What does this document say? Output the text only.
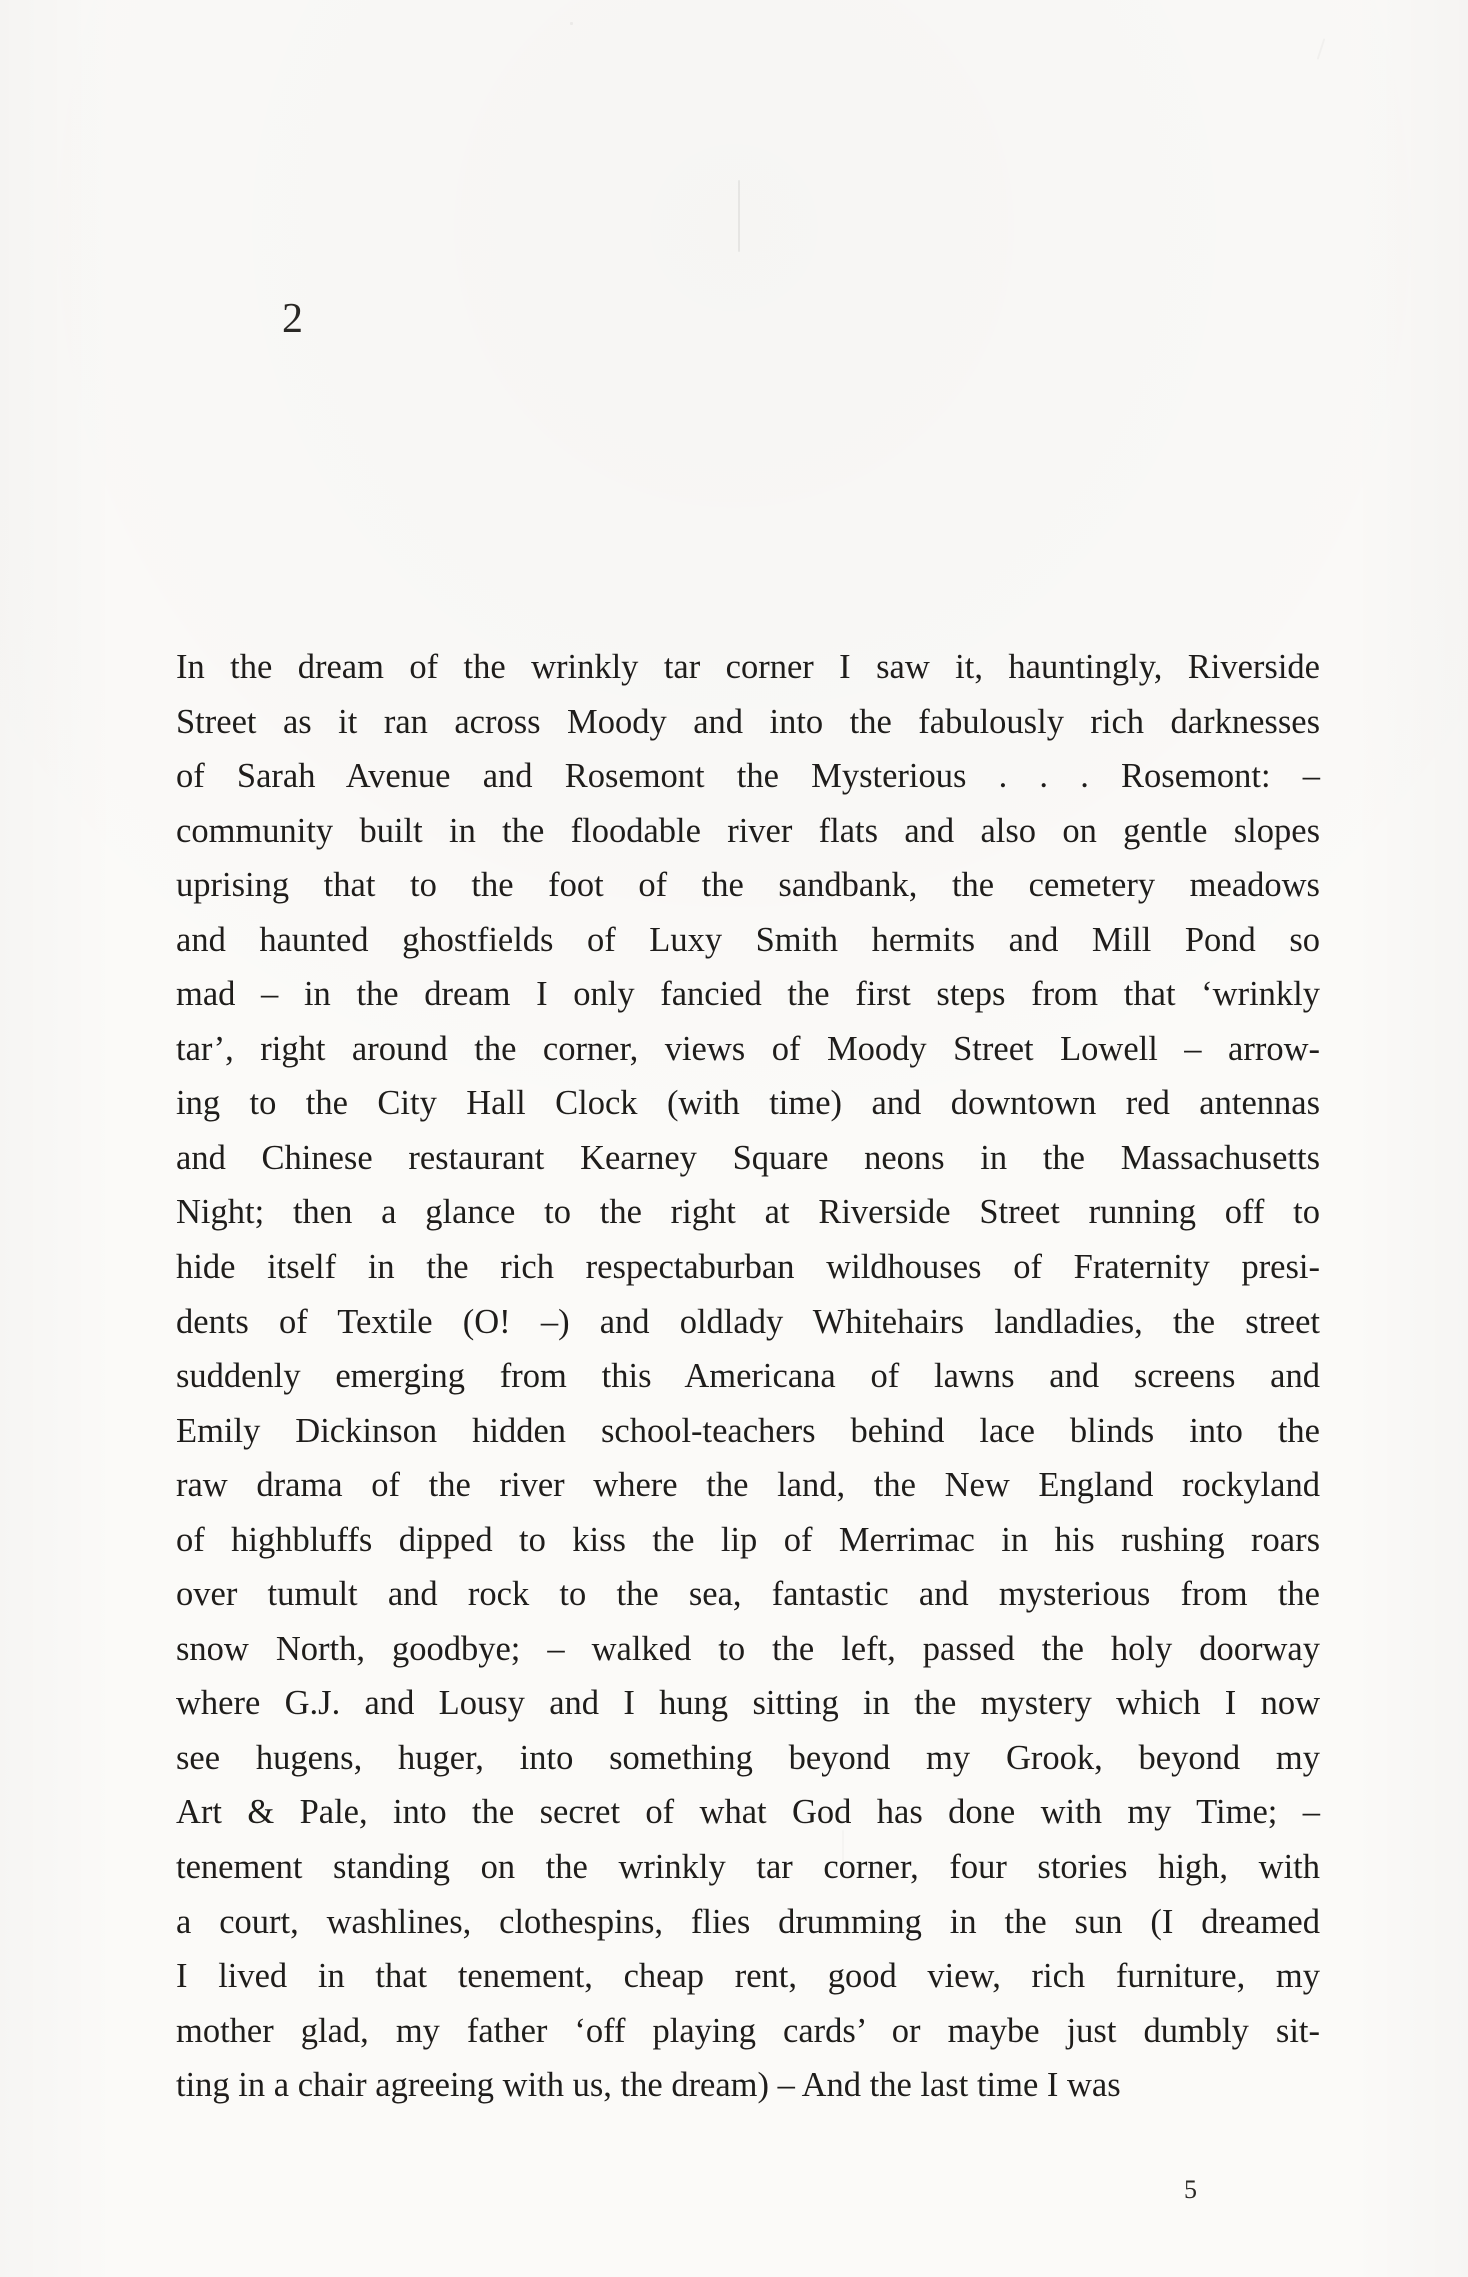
2
In the dream of the wrinkly tar corner I saw it, hauntingly, Riverside
Street as it ran across Moody and into the fabulously rich darknesses
of Sarah Avenue and Rosemont the Mysterious . . . Rosemont: –
community built in the floodable river flats and also on gentle slopes
uprising that to the foot of the sandbank, the cemetery meadows
and haunted ghostfields of Luxy Smith hermits and Mill Pond so
mad – in the dream I only fancied the first steps from that ‘wrinkly
tar’, right around the corner, views of Moody Street Lowell – arrow-
ing to the City Hall Clock (with time) and downtown red antennas
and Chinese restaurant Kearney Square neons in the Massachusetts
Night; then a glance to the right at Riverside Street running off to
hide itself in the rich respectaburban wildhouses of Fraternity presi-
dents of Textile (O! –) and oldlady Whitehairs landladies, the street
suddenly emerging from this Americana of lawns and screens and
Emily Dickinson hidden school-teachers behind lace blinds into the
raw drama of the river where the land, the New England rockyland
of highbluffs dipped to kiss the lip of Merrimac in his rushing roars
over tumult and rock to the sea, fantastic and mysterious from the
snow North, goodbye; – walked to the left, passed the holy doorway
where G.J. and Lousy and I hung sitting in the mystery which I now
see hugens, huger, into something beyond my Grook, beyond my
Art & Pale, into the secret of what God has done with my Time; –
tenement standing on the wrinkly tar corner, four stories high, with
a court, washlines, clothespins, flies drumming in the sun (I dreamed
I lived in that tenement, cheap rent, good view, rich furniture, my
mother glad, my father ‘off playing cards’ or maybe just dumbly sit-
ting in a chair agreeing with us, the dream) – And the last time I was
5
